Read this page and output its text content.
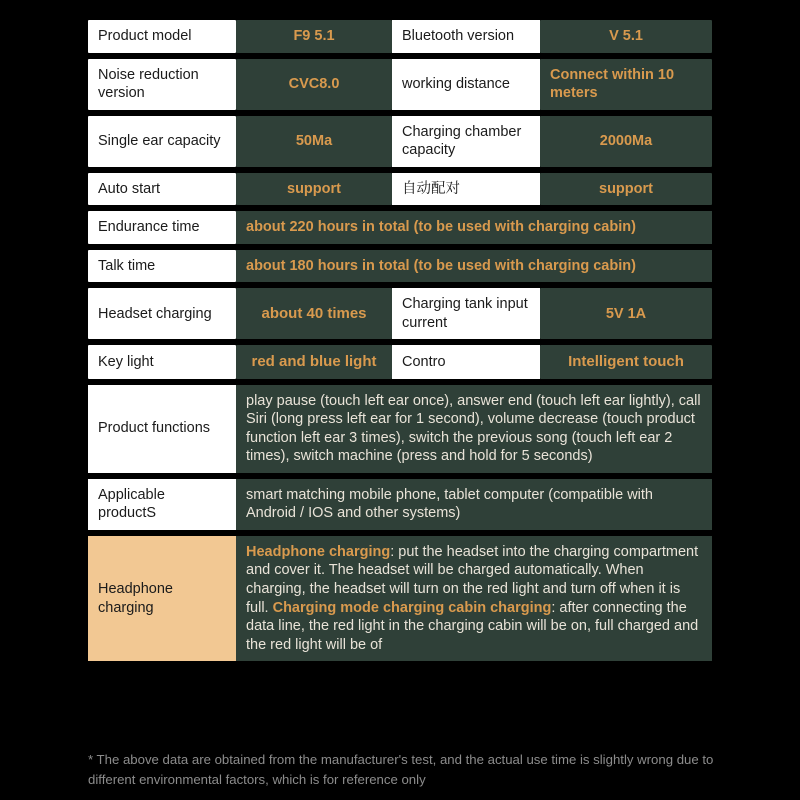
Product model	F9 5.1	Bluetooth version	V 5.1
Noise reduction version	CVC8.0	working distance	Connect within 10 meters
Single ear capacity	50Ma	Charging chamber capacity	2000Ma
Auto start	support	自动配对	support
Endurance time	about 220 hours in total (to be used with charging cabin)		
Talk time	about 180 hours in total (to be used with charging cabin)		
Headset charging	about 40 times	Charging tank input current	5V 1A
Key light	red and blue light	Contro	Intelligent touch
Product functions	play pause (touch left ear once), answer end (touch left ear lightly), call Siri (long press left ear for 1 second), volume decrease (touch product function left ear 3 times), switch the previous song (touch left ear 2 times), switch machine (press and hold for 5 seconds)		
Applicable productS	smart matching mobile phone, tablet computer (compatible with Android / IOS and other systems)		
Headphone charging	Headphone charging: put the headset into the charging compartment and cover it. The headset will be charged automatically. When charging, the headset will turn on the red light and turn off when it is full. Charging mode charging cabin charging: after connecting the data line, the red light in the charging cabin will be on, full charged and the red light will be of		
* The above data are obtained from the manufacturer's test, and the actual use time is slightly wrong due to different environmental factors, which is for reference only
